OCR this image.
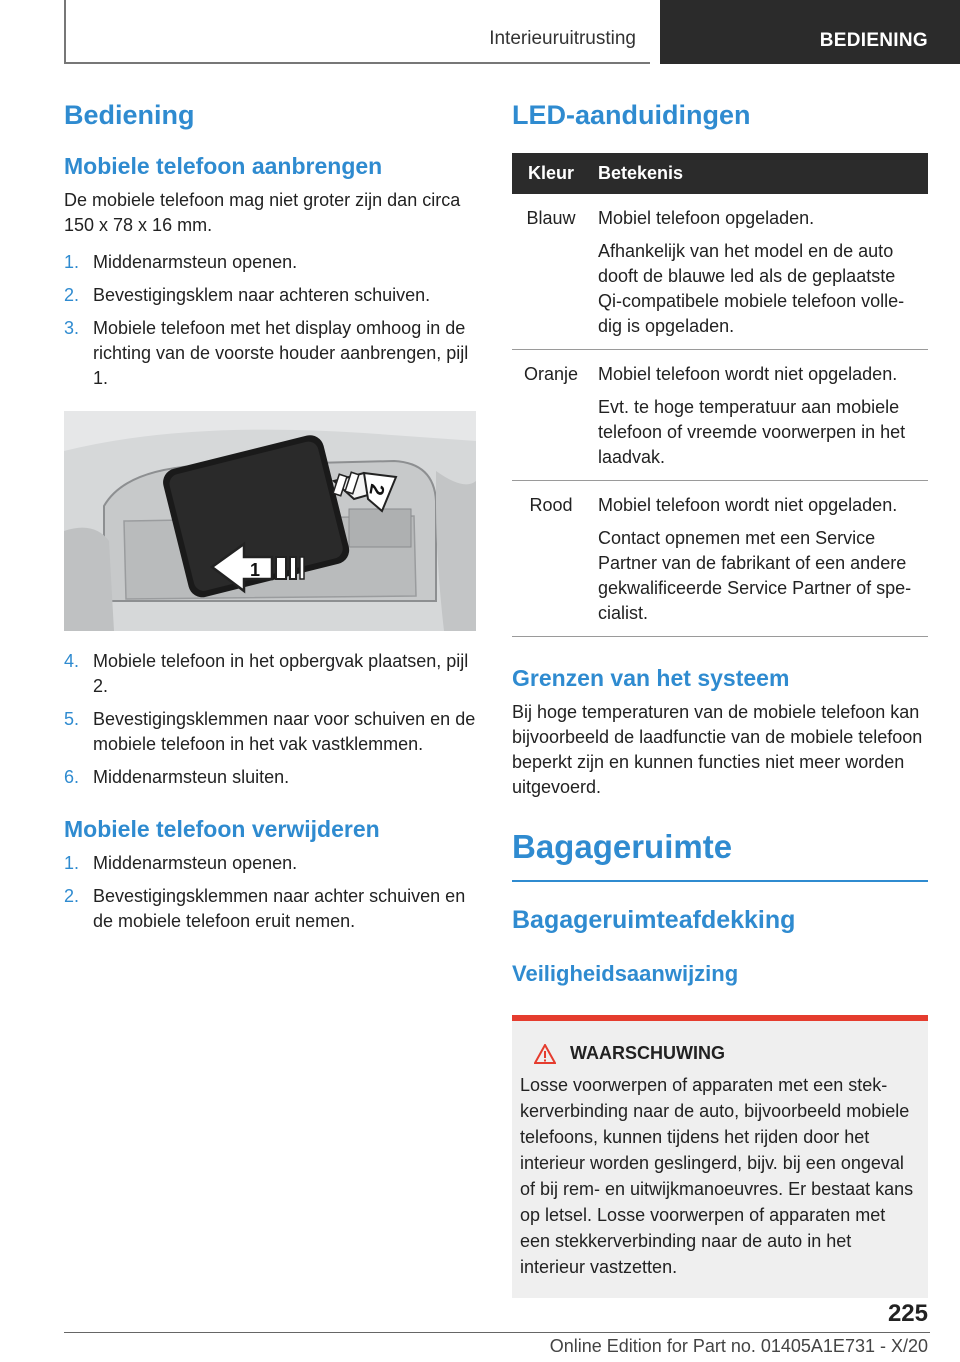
Interieuruitrusting	BEDIENING
Bediening
Mobiele telefoon aanbrengen

De mobiele telefoon mag niet groter zijn dan circa 150 x 78 x 16 mm.

1. Middenarmsteun openen.
2. Bevestigingsklem naar achteren schuiven.
3. Mobiele telefoon met het display omhoog in de richting van de voorste houder aanbrengen, pijl 1.
2
1
4. Mobiele telefoon in het opbergvak plaatsen, pijl 2.
5. Bevestigingsklemmen naar voor schuiven en de mobiele telefoon in het vak vastklemmen.
6. Middenarmsteun sluiten.
Mobiele telefoon verwijderen
1. Middenarmsteun openen.
2. Bevestigingsklemmen naar achter schuiven en de mobiele telefoon eruit nemen.
LED-aanduidingen
Kleur	Betekenis
Blauw	Mobiel telefoon opgeladen.
Afhankelijk van het model en de auto dooft de blauwe led als de geplaatste Qi-compatibele mobiele telefoon volledig is opgeladen.

Oranje	Mobiel telefoon wordt niet opgeladen.
Evt. te hoge temperatuur aan mobiele telefoon of vreemde voorwerpen in het laadvak.

Rood	Mobiel telefoon wordt niet opgeladen.
Contact opnemen met een Service Partner van de fabrikant of een andere gekwalificeerde Service Partner of specialist.
Grenzen van het systeem

Bij hoge temperaturen van de mobiele telefoon kan bijvoorbeeld de laadfunctie van de mobiele telefoon beperkt zijn en kunnen functies niet meer worden uitgevoerd.

Bagageruimte
Bagageruimteafdekking
Veiligheidsaanwijzing
WAARSCHUWING

Losse voorwerpen of apparaten met een stekkerverbinding naar de auto, bijvoorbeeld mobiele telefoons, kunnen tijdens het rijden door het interieur worden geslingerd, bijv. bij een ongeval of bij rem- en uitwijkmanoeuvres. Er bestaat kans op letsel. Losse voorwerpen of apparaten met een stekkerverbinding naar de auto in het interieur vastzetten.

225
Online Edition for Part no. 01405A1E731 - X/20
